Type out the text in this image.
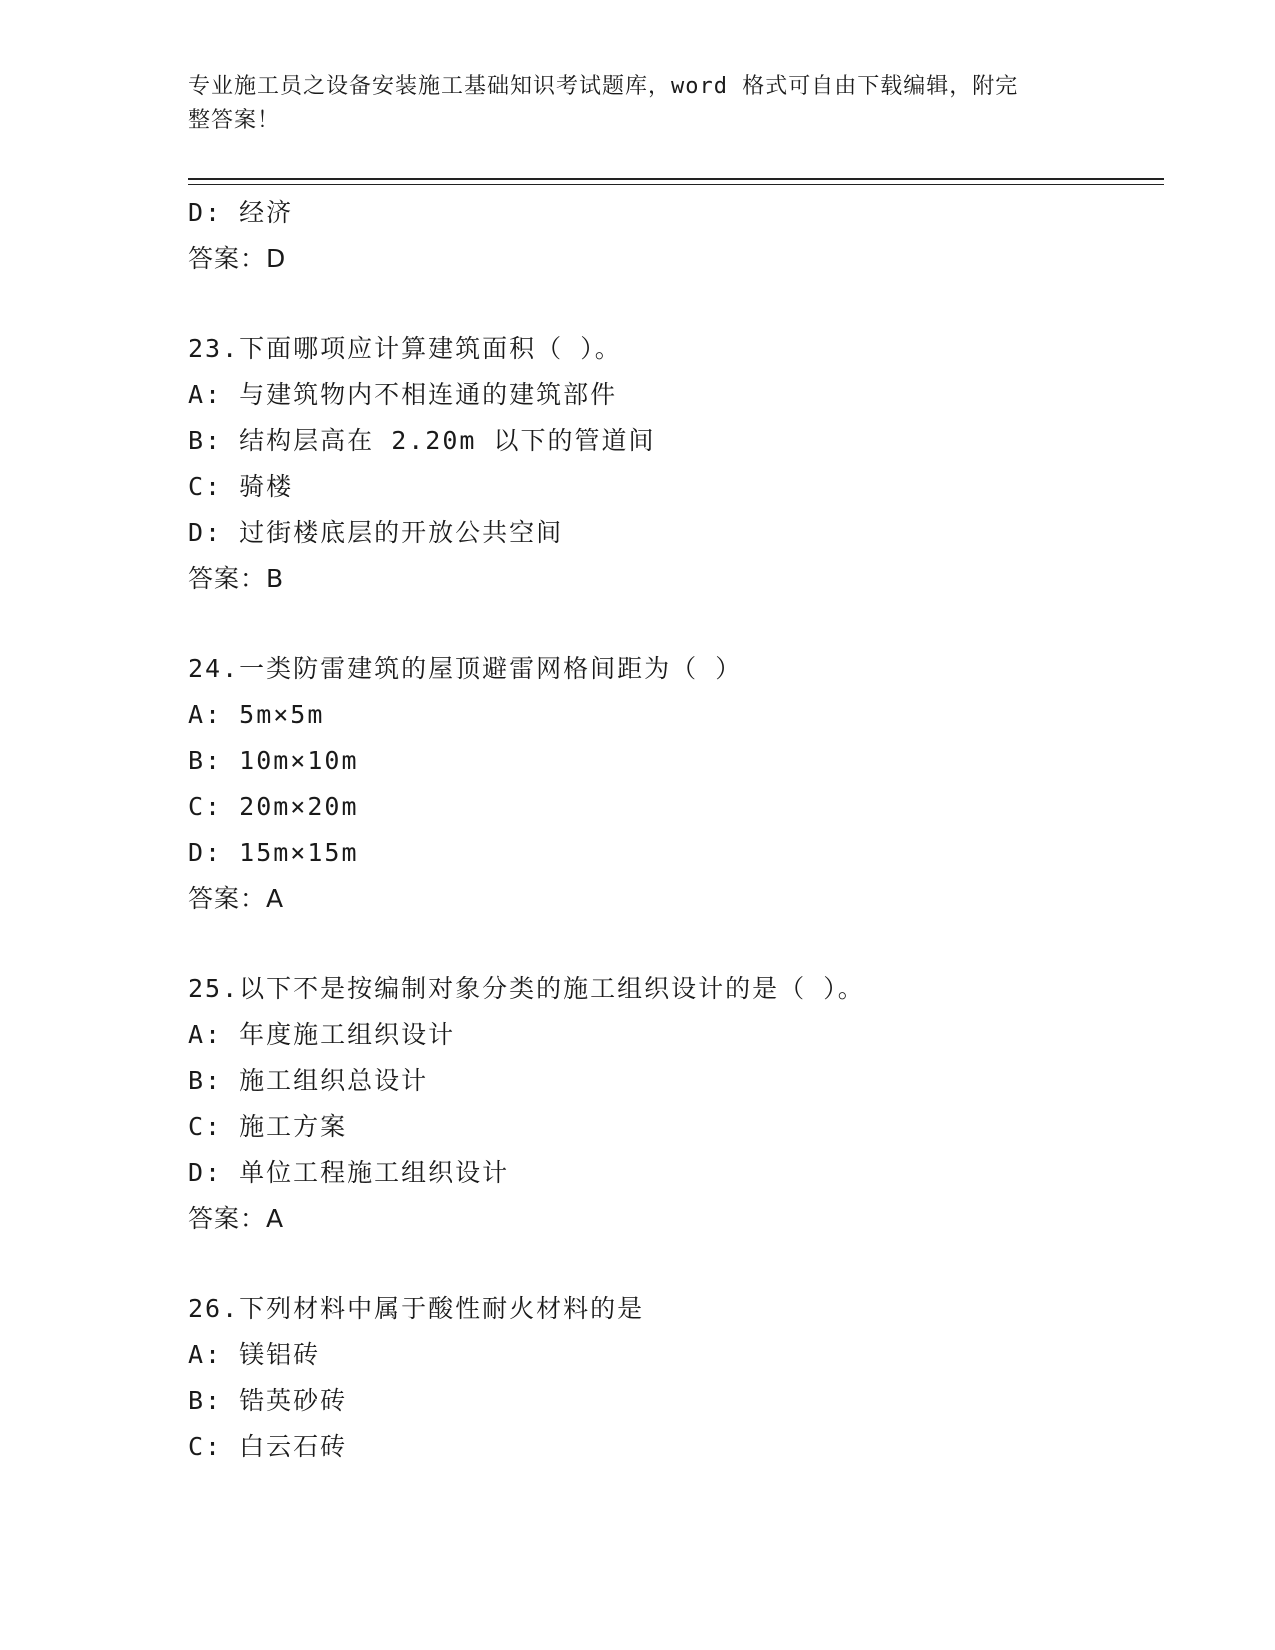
专业施工员之设备安装施工基础知识考试题库，word 格式可自由下载编辑，附完
整答案！
D: 经济
答案：D
23.下面哪项应计算建筑面积（ ）。
A: 与建筑物内不相连通的建筑部件
B: 结构层高在 2.20m 以下的管道间
C: 骑楼
D: 过街楼底层的开放公共空间
答案：B
24.一类防雷建筑的屋顶避雷网格间距为（ ）
A: 5m×5m
B: 10m×10m
C: 20m×20m
D: 15m×15m
答案：A
25.以下不是按编制对象分类的施工组织设计的是（ ）。
A: 年度施工组织设计
B: 施工组织总设计
C: 施工方案
D: 单位工程施工组织设计
答案：A
26.下列材料中属于酸性耐火材料的是
A: 镁铝砖
B: 锆英砂砖
C: 白云石砖
